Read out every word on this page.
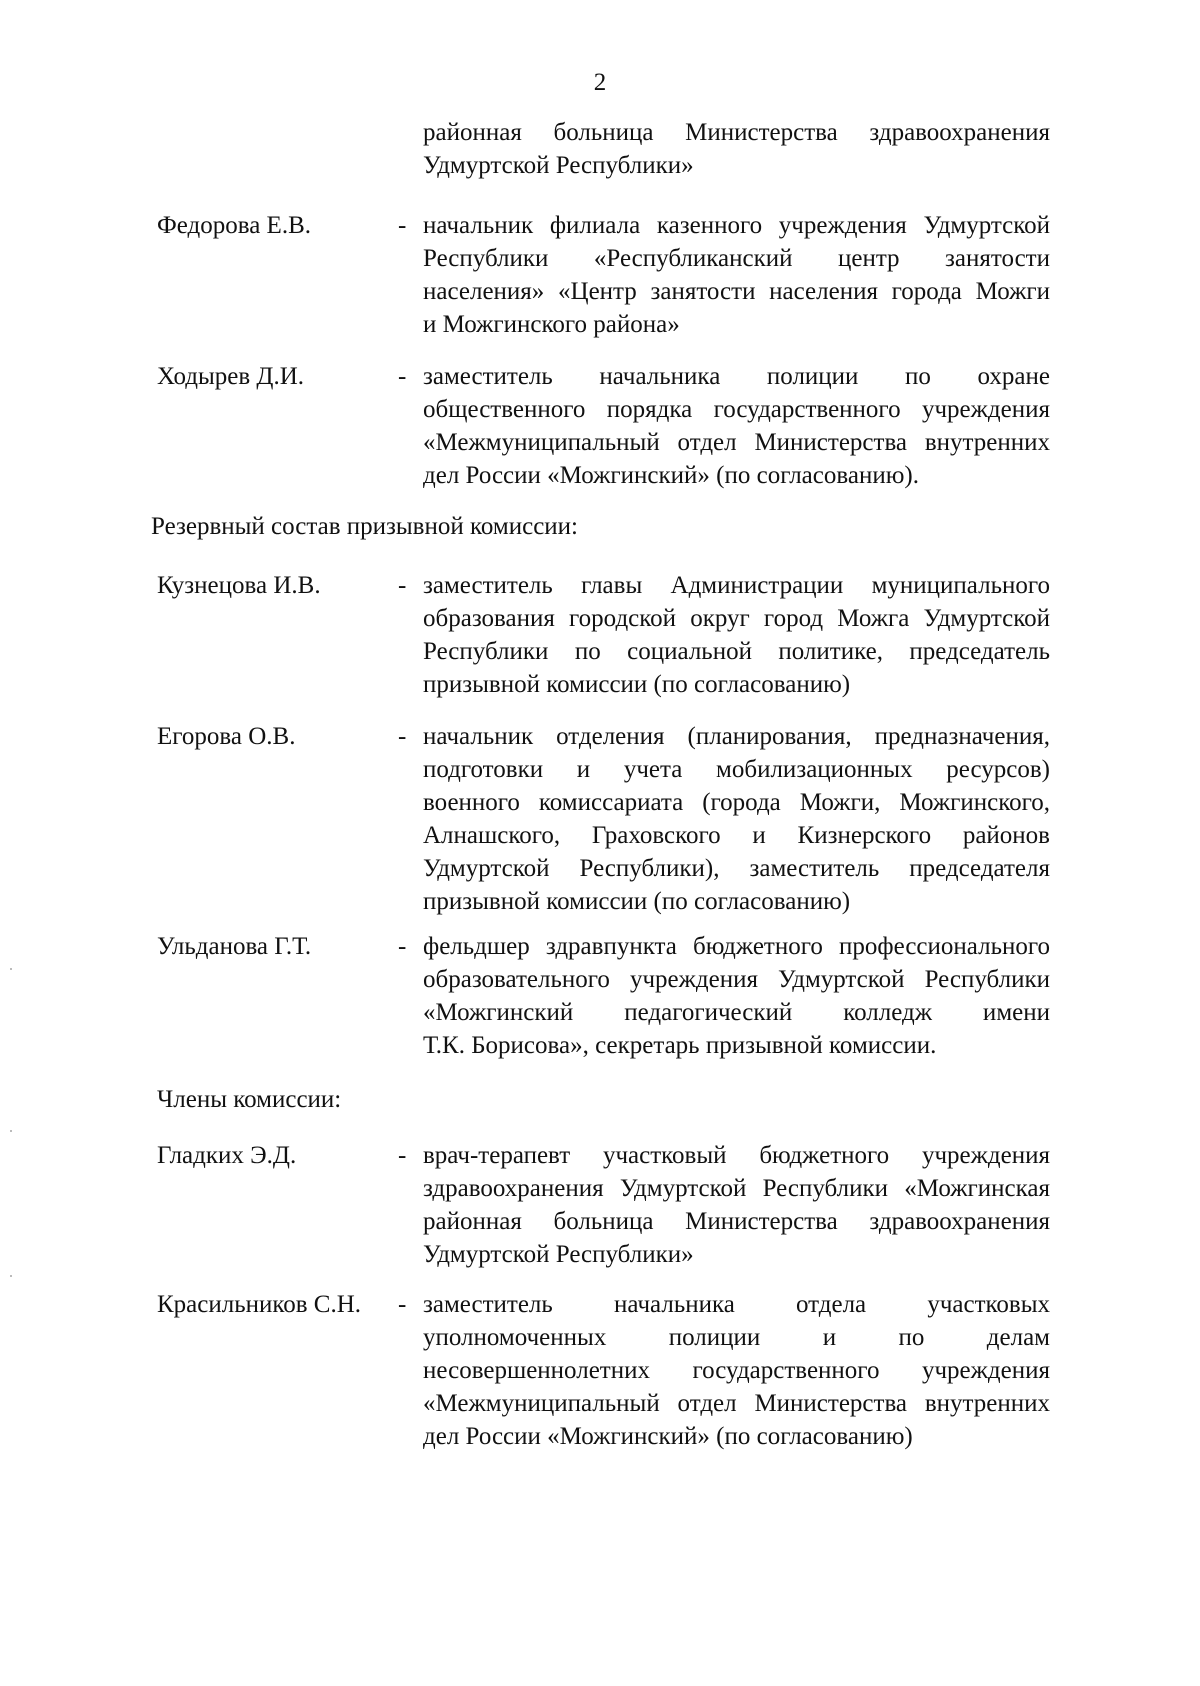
2
районная больница Министерства здравоохранения
Удмуртской Республики»
Федорова Е.В.	- начальник филиала казенного учреждения Удмуртской
Республики «Республиканский центр занятости
населения» «Центр занятости населения города Можги
и Можгинского района»
Ходырев Д.И.	- заместитель начальника полиции по охране
общественного порядка государственного учреждения
«Межмуниципальный отдел Министерства внутренних
дел России «Можгинский» (по согласованию).
Резервный состав призывной комиссии:
Кузнецова И.В.	- заместитель главы Администрации муниципального
образования городской округ город Можга Удмуртской
Республики по социальной политике, председатель
призывной комиссии (по согласованию)
Егорова О.В.	- начальник отделения (планирования, предназначения,
подготовки и учета мобилизационных ресурсов)
военного комиссариата (города Можги, Можгинского,
Алнашского, Граховского и Кизнерского районов
Удмуртской Республики), заместитель председателя
призывной комиссии (по согласованию)
Ульданова Г.Т.	- фельдшер здравпункта бюджетного профессионального
образовательного учреждения Удмуртской Республики
«Можгинский педагогический колледж имени
Т.К. Борисова», секретарь призывной комиссии.
Члены комиссии:
Гладких Э.Д.	- врач-терапевт участковый бюджетного учреждения
здравоохранения Удмуртской Республики «Можгинская
районная больница Министерства здравоохранения
Удмуртской Республики»
Красильников С.Н. - заместитель начальника отдела участковых
уполномоченных полиции и по делам
несовершеннолетних государственного учреждения
«Межмуниципальный отдел Министерства внутренних
дел России «Можгинский» (по согласованию)
